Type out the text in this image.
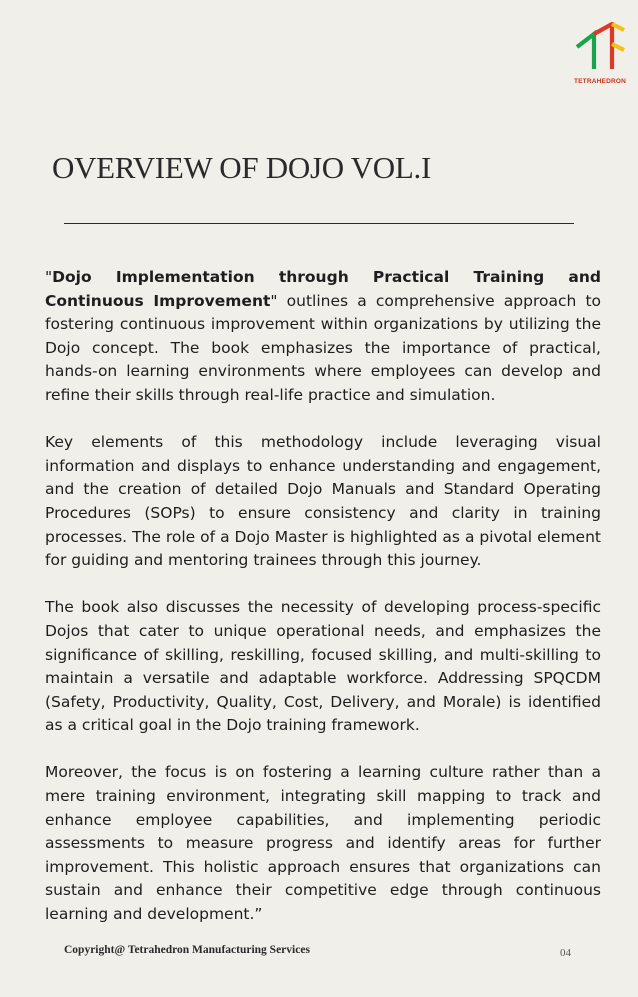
TETRAHEDRON
OVERVIEW OF DOJO VOL.I

"Dojo Implementation through Practical Training and Continuous Improvement" outlines a comprehensive approach to fostering continuous improvement within organizations by utilizing the Dojo concept. The book emphasizes the importance of practical, hands-on learning environments where employees can develop and refine their skills through real-life practice and simulation.

Key elements of this methodology include leveraging visual information and displays to enhance understanding and engagement, and the creation of detailed Dojo Manuals and Standard Operating Procedures (SOPs) to ensure consistency and clarity in training processes. The role of a Dojo Master is highlighted as a pivotal element for guiding and mentoring trainees through this journey.

The book also discusses the necessity of developing process-specific Dojos that cater to unique operational needs, and emphasizes the significance of skilling, reskilling, focused skilling, and multi-skilling to maintain a versatile and adaptable workforce. Addressing SPQCDM (Safety, Productivity, Quality, Cost, Delivery, and Morale) is identified as a critical goal in the Dojo training framework.

Moreover, the focus is on fostering a learning culture rather than a mere training environment, integrating skill mapping to track and enhance employee capabilities, and implementing periodic assessments to measure progress and identify areas for further improvement. This holistic approach ensures that organizations can sustain and enhance their competitive edge through continuous learning and development.”

Copyright@ Tetrahedron Manufacturing Services	04
